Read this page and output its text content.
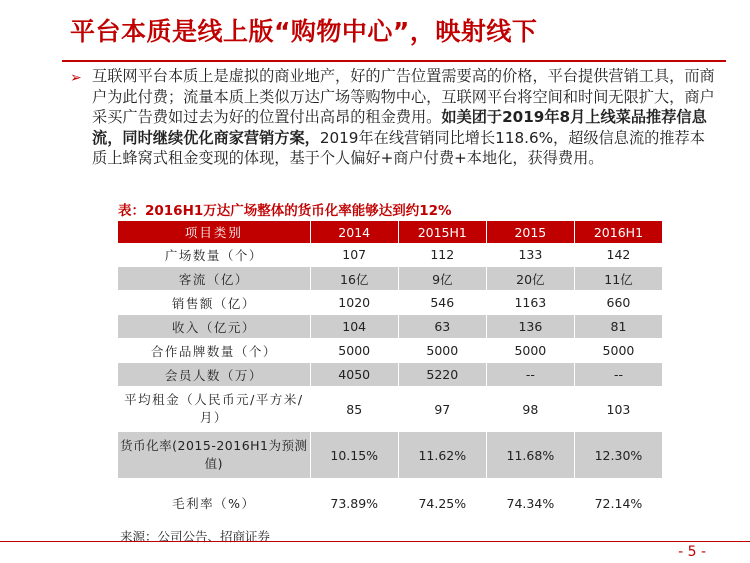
平台本质是线上版“购物中心”，映射线下
➢ 互联网平台本质上是虚拟的商业地产，好的广告位置需要高的价格，平台提供营销工具，而商户为此付费；流量本质上类似万达广场等购物中心，互联网平台将空间和时间无限扩大，商户采买广告费如过去为好的位置付出高昂的租金费用。如美团于2019年8月上线菜品推荐信息流，同时继续优化商家营销方案，2019年在线营销同比增长118.6%，超级信息流的推荐本质上蜂窝式租金变现的体现，基于个人偏好+商户付费+本地化，获得费用。
表：2016H1万达广场整体的货币化率能够达到约12%
项目类别	2014	2015H1	2015	2016H1
广场数量（个）	107	112	133	142
客流（亿）	16亿	9亿	20亿	11亿
销售额（亿）	1020	546	1163	660
收入（亿元）	104	63	136	81
合作品牌数量（个）	5000	5000	5000	5000
会员人数（万）	4050	5220	--	--
平均租金（人民币元/平方米/月）	85	97	98	103
货币化率(2015-2016H1为预测值)	10.15%	11.62%	11.68%	12.30%
毛利率（%）	73.89%	74.25%	74.34%	72.14%
来源：公司公告、招商证券
- 5 -
